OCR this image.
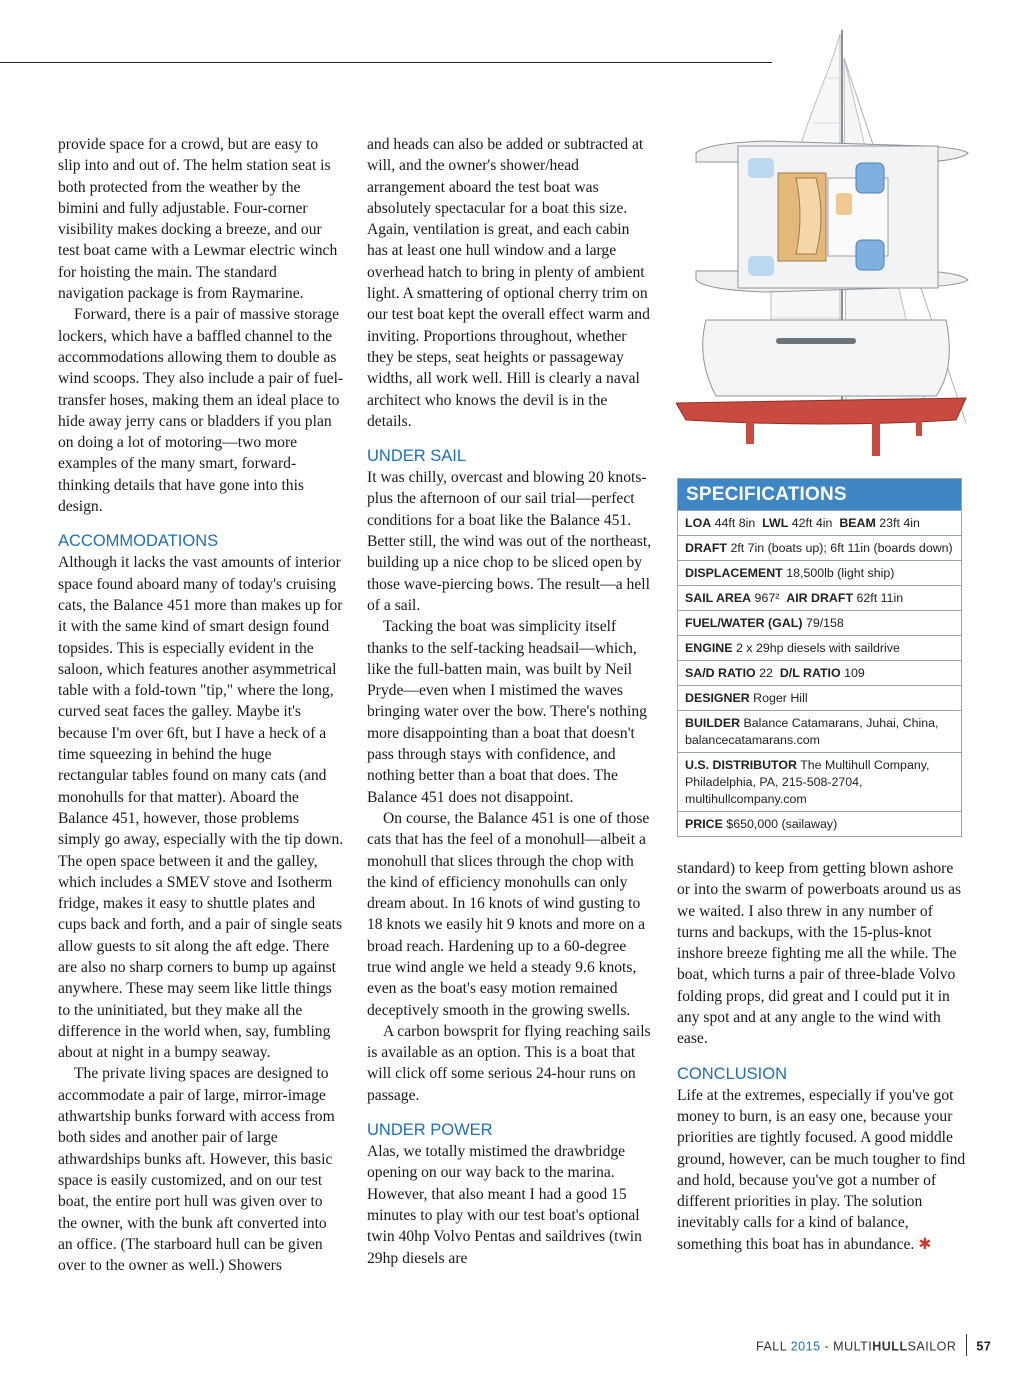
provide space for a crowd, but are easy to slip into and out of. The helm station seat is both protected from the weather by the bimini and fully adjustable. Four-corner visibility makes docking a breeze, and our test boat came with a Lewmar electric winch for hoisting the main. The standard navigation package is from Raymarine.

Forward, there is a pair of massive storage lockers, which have a baffled channel to the accommodations allowing them to double as wind scoops. They also include a pair of fuel-transfer hoses, making them an ideal place to hide away jerry cans or bladders if you plan on doing a lot of motoring—two more examples of the many smart, forward-thinking details that have gone into this design.

ACCOMMODATIONS

Although it lacks the vast amounts of interior space found aboard many of today's cruising cats, the Balance 451 more than makes up for it with the same kind of smart design found topsides. This is especially evident in the saloon, which features another asymmetrical table with a fold-town "tip," where the long, curved seat faces the galley. Maybe it's because I'm over 6ft, but I have a heck of a time squeezing in behind the huge rectangular tables found on many cats (and monohulls for that matter). Aboard the Balance 451, however, those problems simply go away, especially with the tip down. The open space between it and the galley, which includes a SMEV stove and Isotherm fridge, makes it easy to shuttle plates and cups back and forth, and a pair of single seats allow guests to sit along the aft edge. There are also no sharp corners to bump up against anywhere. These may seem like little things to the uninitiated, but they make all the difference in the world when, say, fumbling about at night in a bumpy seaway.

The private living spaces are designed to accommodate a pair of large, mirror-image athwartship bunks forward with access from both sides and another pair of large athwardships bunks aft. However, this basic space is easily customized, and on our test boat, the entire port hull was given over to the owner, with the bunk aft converted into an office. (The starboard hull can be given over to the owner as well.) Showers

and heads can also be added or subtracted at will, and the owner's shower/head arrangement aboard the test boat was absolutely spectacular for a boat this size. Again, ventilation is great, and each cabin has at least one hull window and a large overhead hatch to bring in plenty of ambient light. A smattering of optional cherry trim on our test boat kept the overall effect warm and inviting. Proportions throughout, whether they be steps, seat heights or passageway widths, all work well. Hill is clearly a naval architect who knows the devil is in the details.

UNDER SAIL

It was chilly, overcast and blowing 20 knots-plus the afternoon of our sail trial—perfect conditions for a boat like the Balance 451. Better still, the wind was out of the northeast, building up a nice chop to be sliced open by those wave-piercing bows. The result—a hell of a sail.

Tacking the boat was simplicity itself thanks to the self-tacking headsail—which, like the full-batten main, was built by Neil Pryde—even when I mistimed the waves bringing water over the bow. There's nothing more disappointing than a boat that doesn't pass through stays with confidence, and nothing better than a boat that does. The Balance 451 does not disappoint.

On course, the Balance 451 is one of those cats that has the feel of a monohull—albeit a monohull that slices through the chop with the kind of efficiency monohulls can only dream about. In 16 knots of wind gusting to 18 knots we easily hit 9 knots and more on a broad reach. Hardening up to a 60-degree true wind angle we held a steady 9.6 knots, even as the boat's easy motion remained deceptively smooth in the growing swells.

A carbon bowsprit for flying reaching sails is available as an option. This is a boat that will click off some serious 24-hour runs on passage.

UNDER POWER

Alas, we totally mistimed the drawbridge opening on our way back to the marina. However, that also meant I had a good 15 minutes to play with our test boat's optional twin 40hp Volvo Pentas and saildrives (twin 29hp diesels are

SPECIFICATIONS
LOA 44ft 8in LWL 42ft 4in BEAM 23ft 4in
DRAFT 2ft 7in (boats up); 6ft 11in (boards down)
DISPLACEMENT 18,500lb (light ship)
SAIL AREA 967² AIR DRAFT 62ft 11in
FUEL/WATER (GAL) 79/158
ENGINE 2 x 29hp diesels with saildrive
SA/D RATIO 22 D/L RATIO 109
DESIGNER Roger Hill
BUILDER Balance Catamarans, Juhai, China, balancecatamarans.com
U.S. DISTRIBUTOR The Multihull Company, Philadelphia, PA, 215-508-2704, multihullcompany.com
PRICE $650,000 (sailaway)

standard) to keep from getting blown ashore or into the swarm of powerboats around us as we waited. I also threw in any number of turns and backups, with the 15-plus-knot inshore breeze fighting me all the while. The boat, which turns a pair of three-blade Volvo folding props, did great and I could put it in any spot and at any angle to the wind with ease.

CONCLUSION

Life at the extremes, especially if you've got money to burn, is an easy one, because your priorities are tightly focused. A good middle ground, however, can be much tougher to find and hold, because you've got a number of different priorities in play. The solution inevitably calls for a kind of balance, something this boat has in abundance. ✱

FALL 2015 - MULTIHULLSAILOR 57
